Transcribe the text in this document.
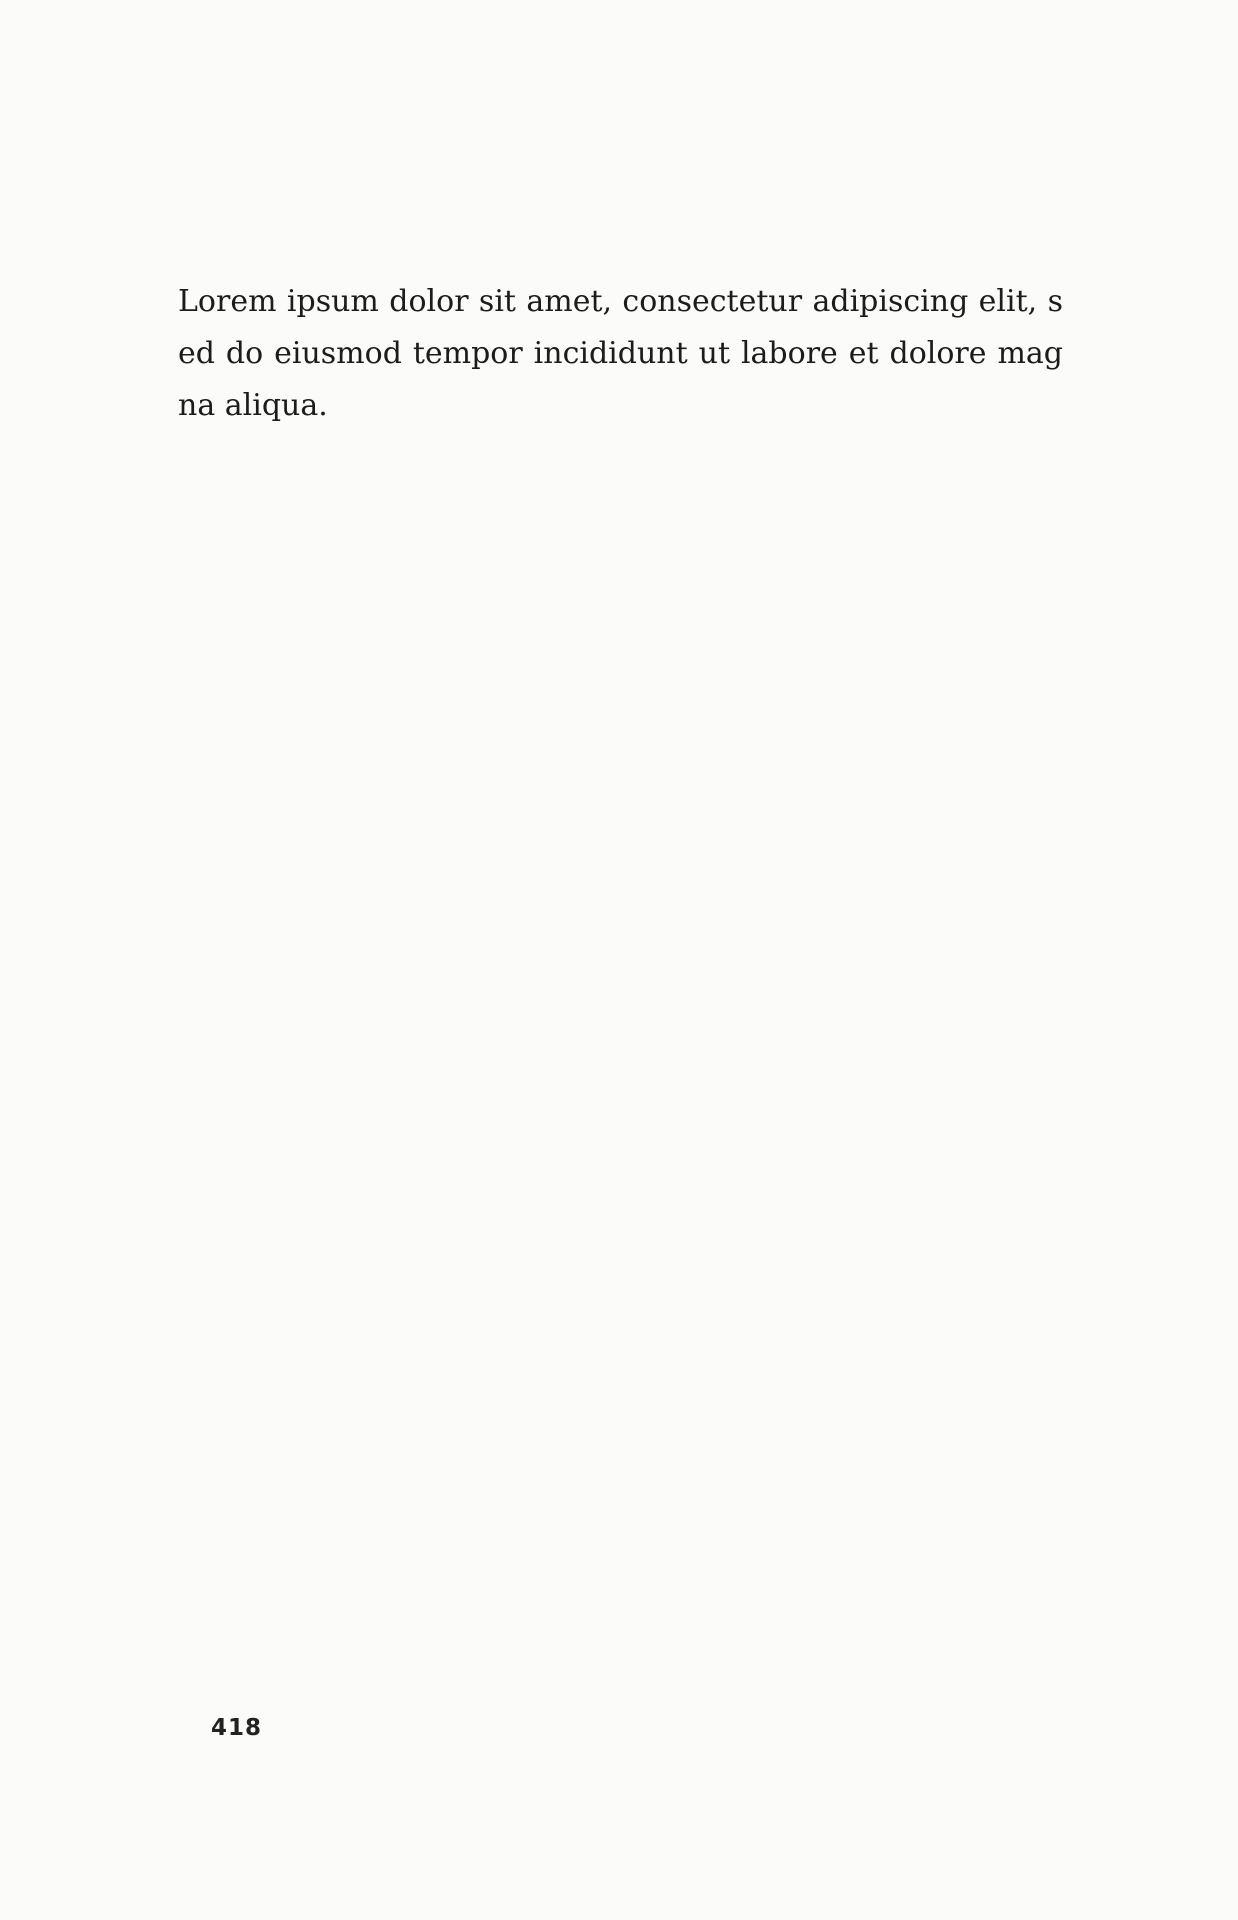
Lorem ipsum dolor sit amet, consectetur adipiscing elit, sed do eiusmod tempor incididunt ut labore et dolore magna aliqua.

418
